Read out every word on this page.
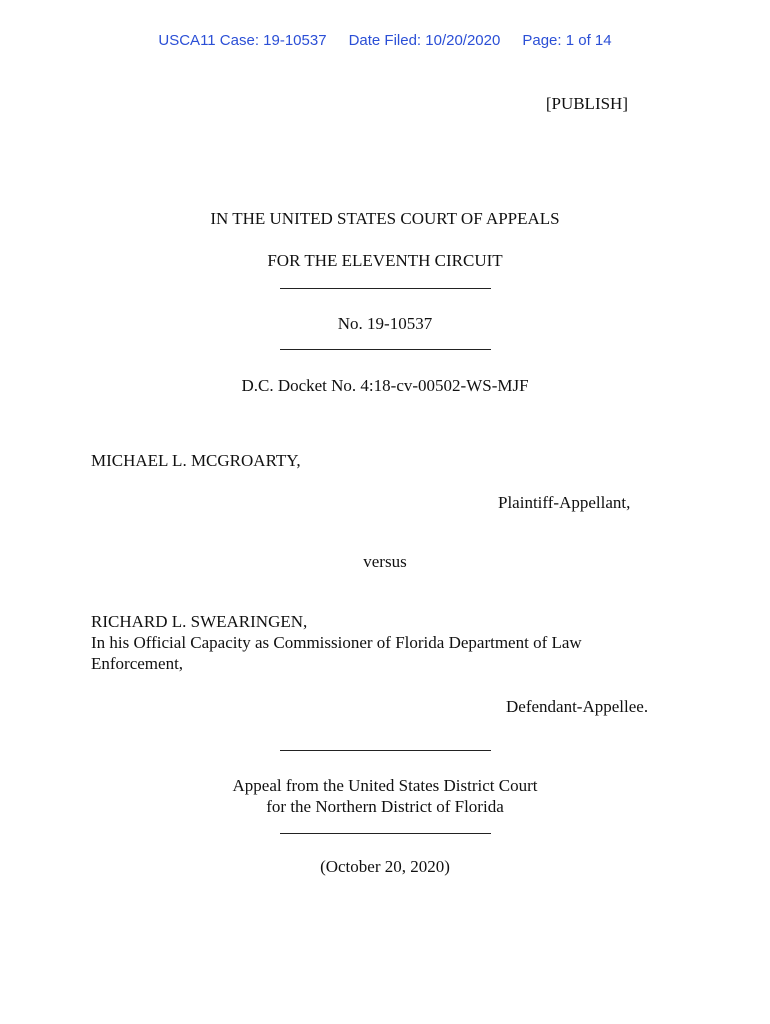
USCA11 Case: 19-10537 Date Filed: 10/20/2020 Page: 1 of 14
[PUBLISH]
IN THE UNITED STATES COURT OF APPEALS
FOR THE ELEVENTH CIRCUIT
No. 19-10537
D.C. Docket No. 4:18-cv-00502-WS-MJF
MICHAEL L. MCGROARTY,
Plaintiff-Appellant,
versus
RICHARD L. SWEARINGEN,
In his Official Capacity as Commissioner of Florida Department of Law
Enforcement,
Defendant-Appellee.
Appeal from the United States District Court
for the Northern District of Florida
(October 20, 2020)
